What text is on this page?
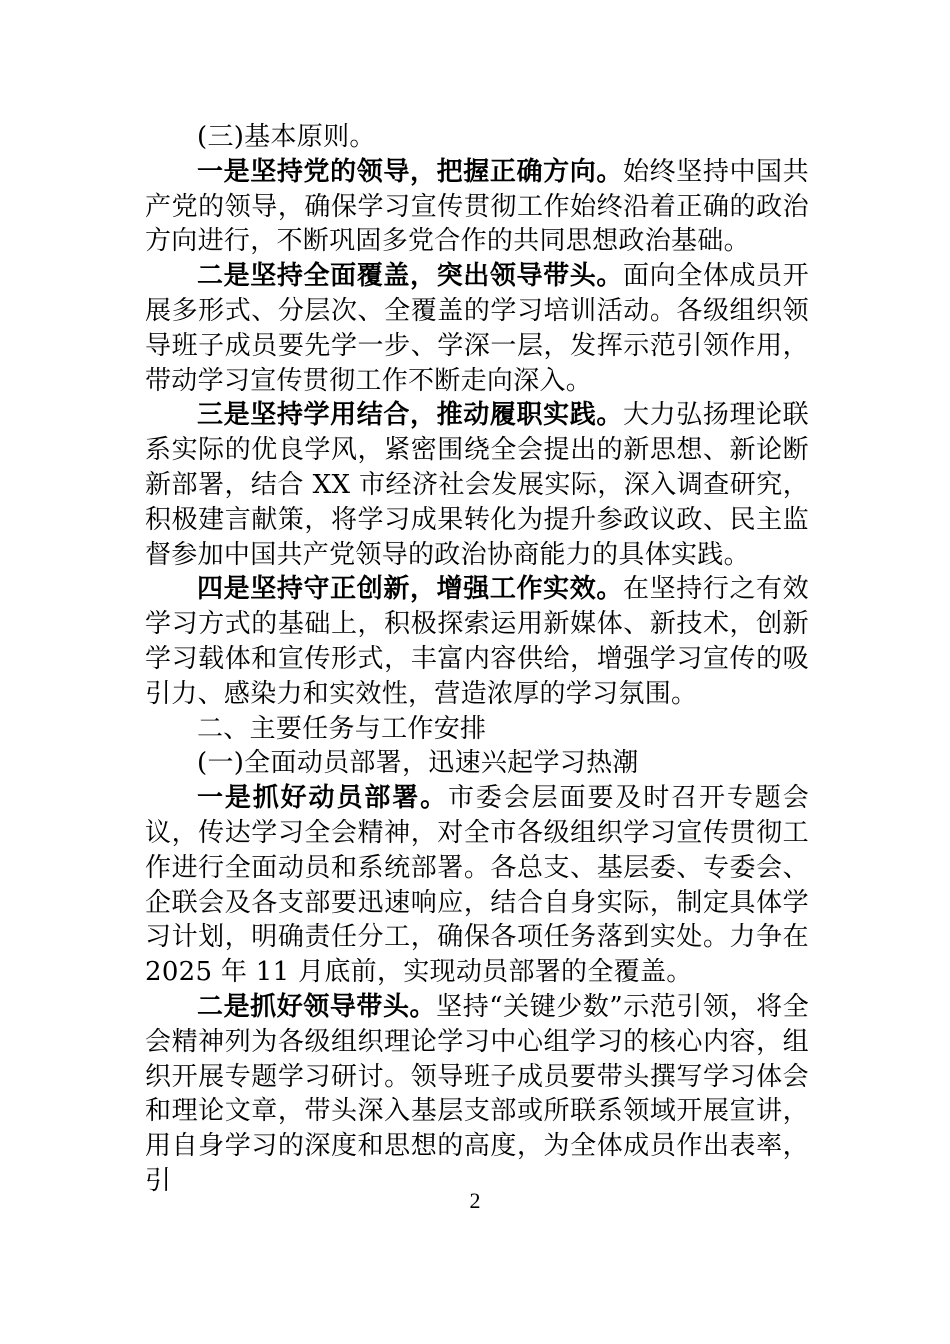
(三)基本原则。

一是坚持党的领导，把握正确方向。始终坚持中国共产党的领导，确保学习宣传贯彻工作始终沿着正确的政治方向进行，不断巩固多党合作的共同思想政治基础。

二是坚持全面覆盖，突出领导带头。面向全体成员开展多形式、分层次、全覆盖的学习培训活动。各级组织领导班子成员要先学一步、学深一层，发挥示范引领作用，带动学习宣传贯彻工作不断走向深入。

三是坚持学用结合，推动履职实践。大力弘扬理论联系实际的优良学风，紧密围绕全会提出的新思想、新论断新部署，结合 XX 市经济社会发展实际，深入调查研究，积极建言献策，将学习成果转化为提升参政议政、民主监督参加中国共产党领导的政治协商能力的具体实践。

四是坚持守正创新，增强工作实效。在坚持行之有效学习方式的基础上，积极探索运用新媒体、新技术，创新学习载体和宣传形式，丰富内容供给，增强学习宣传的吸引力、感染力和实效性，营造浓厚的学习氛围。

二、主要任务与工作安排

(一)全面动员部署，迅速兴起学习热潮

一是抓好动员部署。市委会层面要及时召开专题会议，传达学习全会精神，对全市各级组织学习宣传贯彻工作进行全面动员和系统部署。各总支、基层委、专委会、企联会及各支部要迅速响应，结合自身实际，制定具体学习计划，明确责任分工，确保各项任务落到实处。力争在 2025 年 11 月底前，实现动员部署的全覆盖。

二是抓好领导带头。坚持“关键少数”示范引领，将全会精神列为各级组织理论学习中心组学习的核心内容，组织开展专题学习研讨。领导班子成员要带头撰写学习体会和理论文章，带头深入基层支部或所联系领域开展宣讲，用自身学习的深度和思想的高度，为全体成员作出表率，引

2
